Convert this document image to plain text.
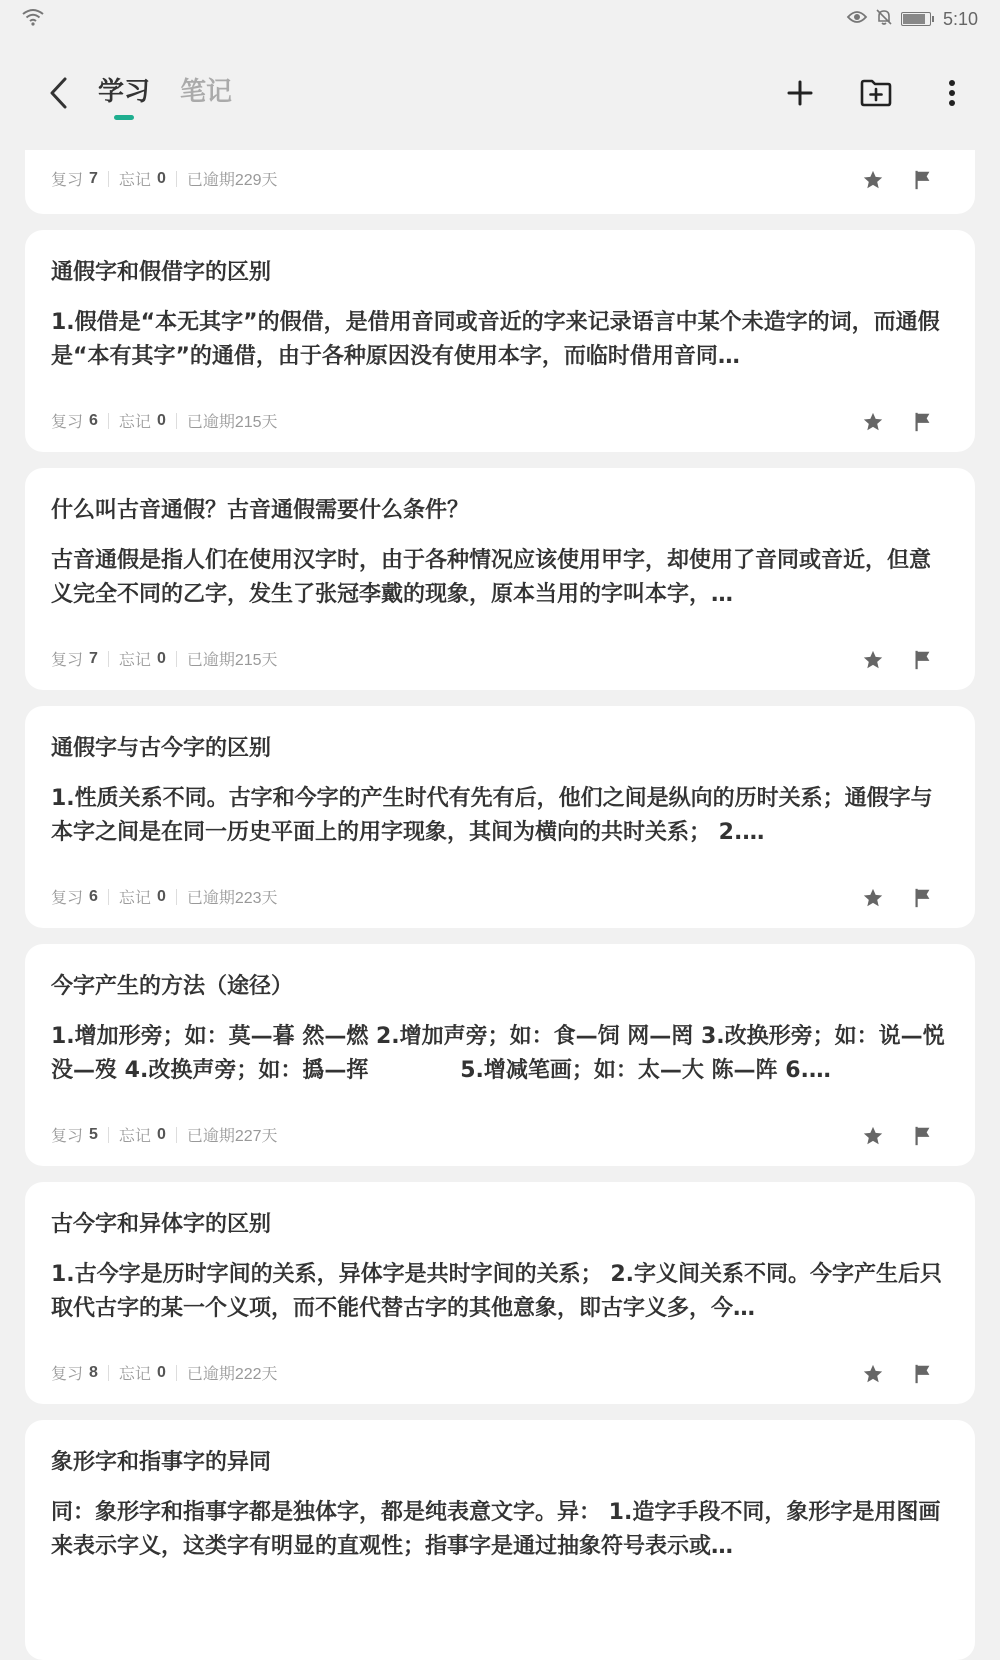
5:10
学习 笔记
复习 7 忘记 0 已逾期229天
通假字和假借字的区别
1.假借是“本无其字”的假借，是借用音同或音近的字来记录语言中某个未造字的词，而通假是“本有其字”的通借，由于各种原因没有使用本字，而临时借用音同…
复习 6 忘记 0 已逾期215天
什么叫古音通假？古音通假需要什么条件？
古音通假是指人们在使用汉字时，由于各种情况应该使用甲字，却使用了音同或音近，但意义完全不同的乙字，发生了张冠李戴的现象，原本当用的字叫本字，…
复习 7 忘记 0 已逾期215天
通假字与古今字的区别
1.性质关系不同。古字和今字的产生时代有先有后，他们之间是纵向的历时关系；通假字与本字之间是在同一历史平面上的用字现象，其间为横向的共时关系； 2.…
复习 6 忘记 0 已逾期223天
今字产生的方法（途径）
1.增加形旁；如：莫—暮 然—燃 2.增加声旁；如：食—饲 网—罔 3.改换形旁；如：说—悦 没—歿 4.改换声旁；如：撝—挥            5.增减笔画；如：太—大 陈—阵 6.…
复习 5 忘记 0 已逾期227天
古今字和异体字的区别
1.古今字是历时字间的关系，异体字是共时字间的关系； 2.字义间关系不同。今字产生后只取代古字的某一个义项，而不能代替古字的其他意象，即古字义多，今…
复习 8 忘记 0 已逾期222天
象形字和指事字的异同
同：象形字和指事字都是独体字，都是纯表意文字。异： 1.造字手段不同，象形字是用图画来表示字义，这类字有明显的直观性；指事字是通过抽象符号表示或…
